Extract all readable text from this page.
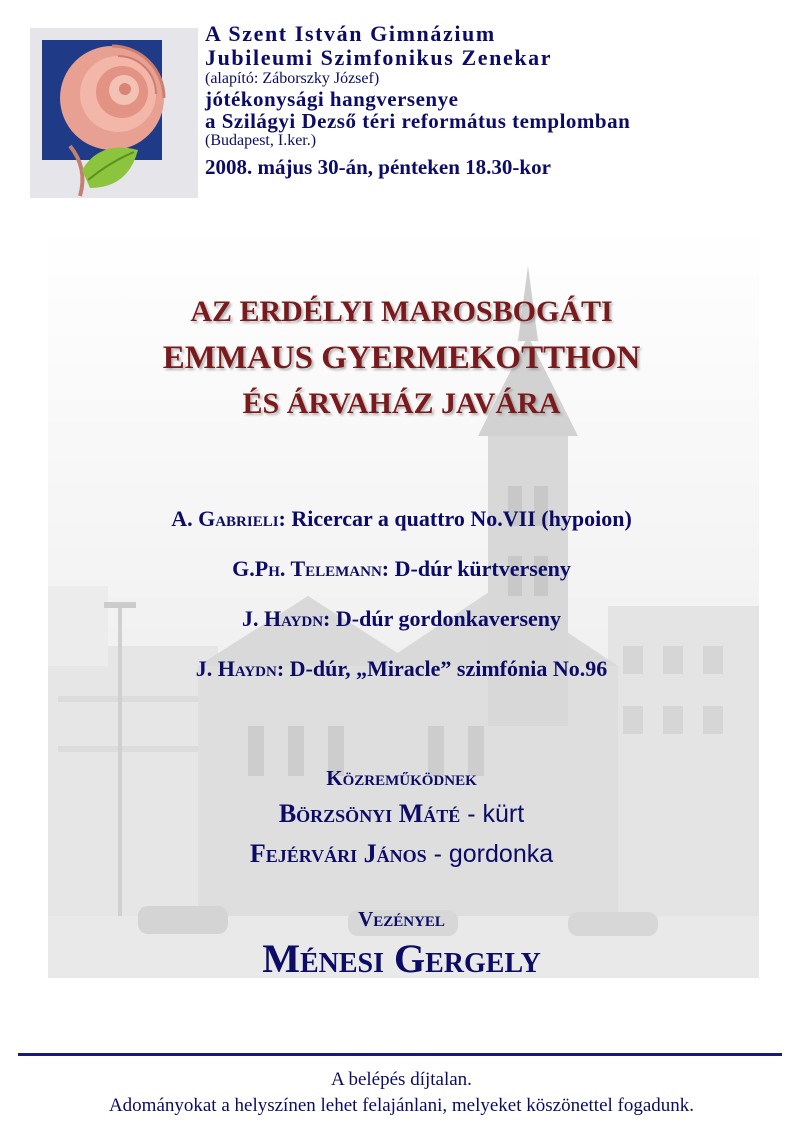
A Szent István Gimnázium
Jubileumi Szimfonikus Zenekar
(alapító: Záborszky József)
jótékonysági hangversenye
a Szilágyi Dezső téri református templomban
(Budapest, I.ker.)
2008. május 30-án, pénteken 18.30-kor
AZ ERDÉLYI MAROSBOGÁTI
EMMAUS GYERMEKOTTHON
ÉS ÁRVAHÁZ JAVÁRA
A. Gabrieli: Ricercar a quattro No.VII (hypoion)
G.Ph. Telemann: D-dúr kürtverseny
J. Haydn: D-dúr gordonkaverseny
J. Haydn: D-dúr, „Miracle” szimfónia No.96
Közreműködnek
Börzsönyi Máté - kürt
Fejérvári János - gordonka
Vezényel
Ménesi Gergely
A belépés díjtalan.
Adományokat a helyszínen lehet felajánlani, melyeket köszönettel fogadunk.
